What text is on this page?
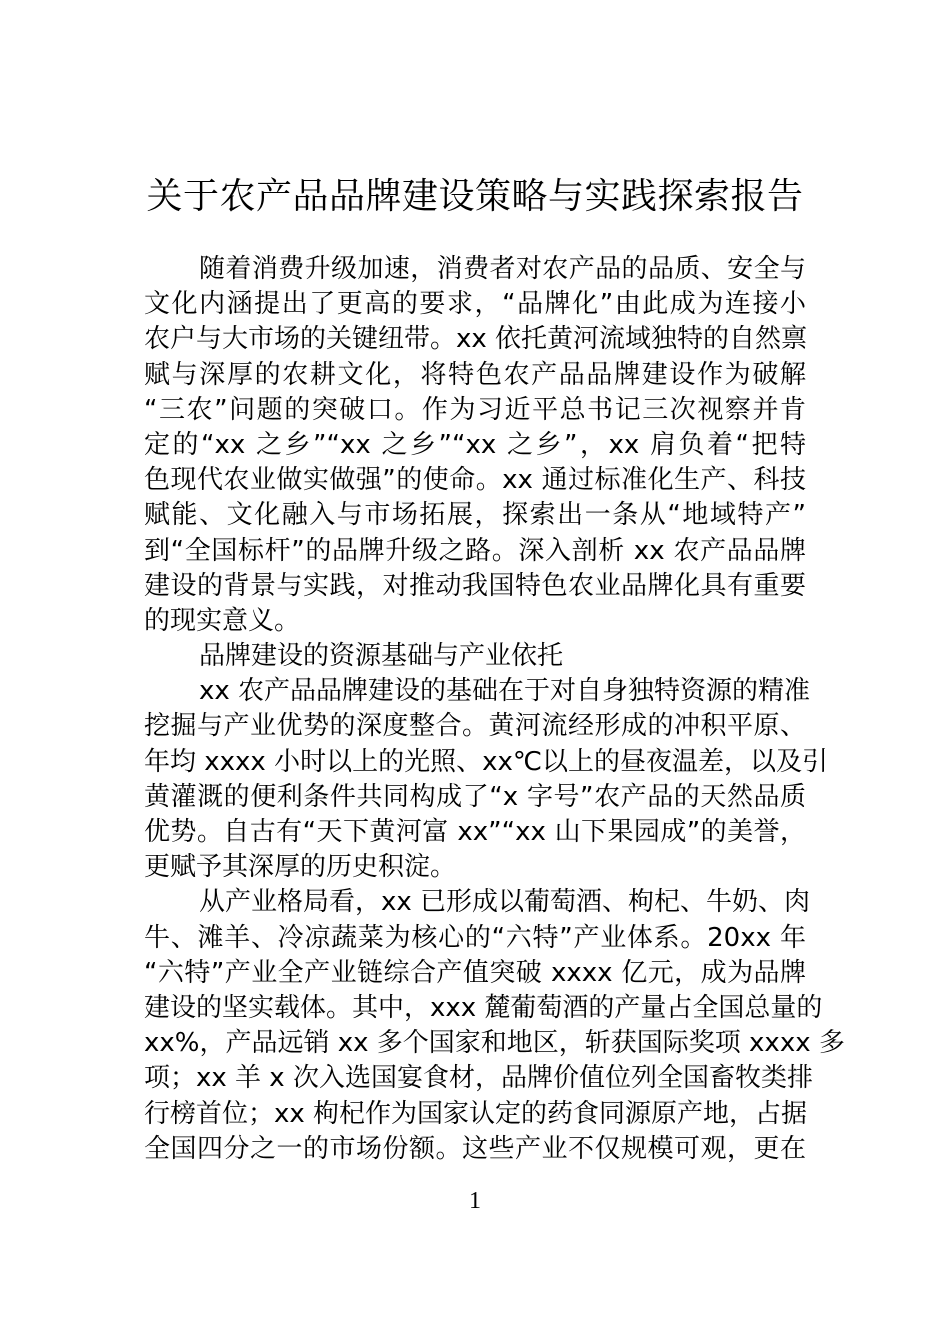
关于农产品品牌建设策略与实践探索报告
随着消费升级加速，消费者对农产品的品质、安全与
文化内涵提出了更高的要求，“品牌化”由此成为连接小
农户与大市场的关键纽带。xx 依托黄河流域独特的自然禀
赋与深厚的农耕文化，将特色农产品品牌建设作为破解
“三农”问题的突破口。作为习近平总书记三次视察并肯
定的“xx 之乡”“xx 之乡”“xx 之乡”，xx 肩负着“把特
色现代农业做实做强”的使命。xx 通过标准化生产、科技
赋能、文化融入与市场拓展，探索出一条从“地域特产”
到“全国标杆”的品牌升级之路。深入剖析 xx 农产品品牌
建设的背景与实践，对推动我国特色农业品牌化具有重要
的现实意义。
品牌建设的资源基础与产业依托
xx 农产品品牌建设的基础在于对自身独特资源的精准
挖掘与产业优势的深度整合。黄河流经形成的冲积平原、
年均 xxxx 小时以上的光照、xx℃以上的昼夜温差，以及引
黄灌溉的便利条件共同构成了“x 字号”农产品的天然品质
优势。自古有“天下黄河富 xx”“xx 山下果园成”的美誉，
更赋予其深厚的历史积淀。
从产业格局看，xx 已形成以葡萄酒、枸杞、牛奶、肉
牛、滩羊、冷凉蔬菜为核心的“六特”产业体系。20xx 年
“六特”产业全产业链综合产值突破 xxxx 亿元，成为品牌
建设的坚实载体。其中，xxx 麓葡萄酒的产量占全国总量的
xx%，产品远销 xx 多个国家和地区，斩获国际奖项 xxxx 多
项；xx 羊 x 次入选国宴食材，品牌价值位列全国畜牧类排
行榜首位；xx 枸杞作为国家认定的药食同源原产地，占据
全国四分之一的市场份额。这些产业不仅规模可观，更在
1
